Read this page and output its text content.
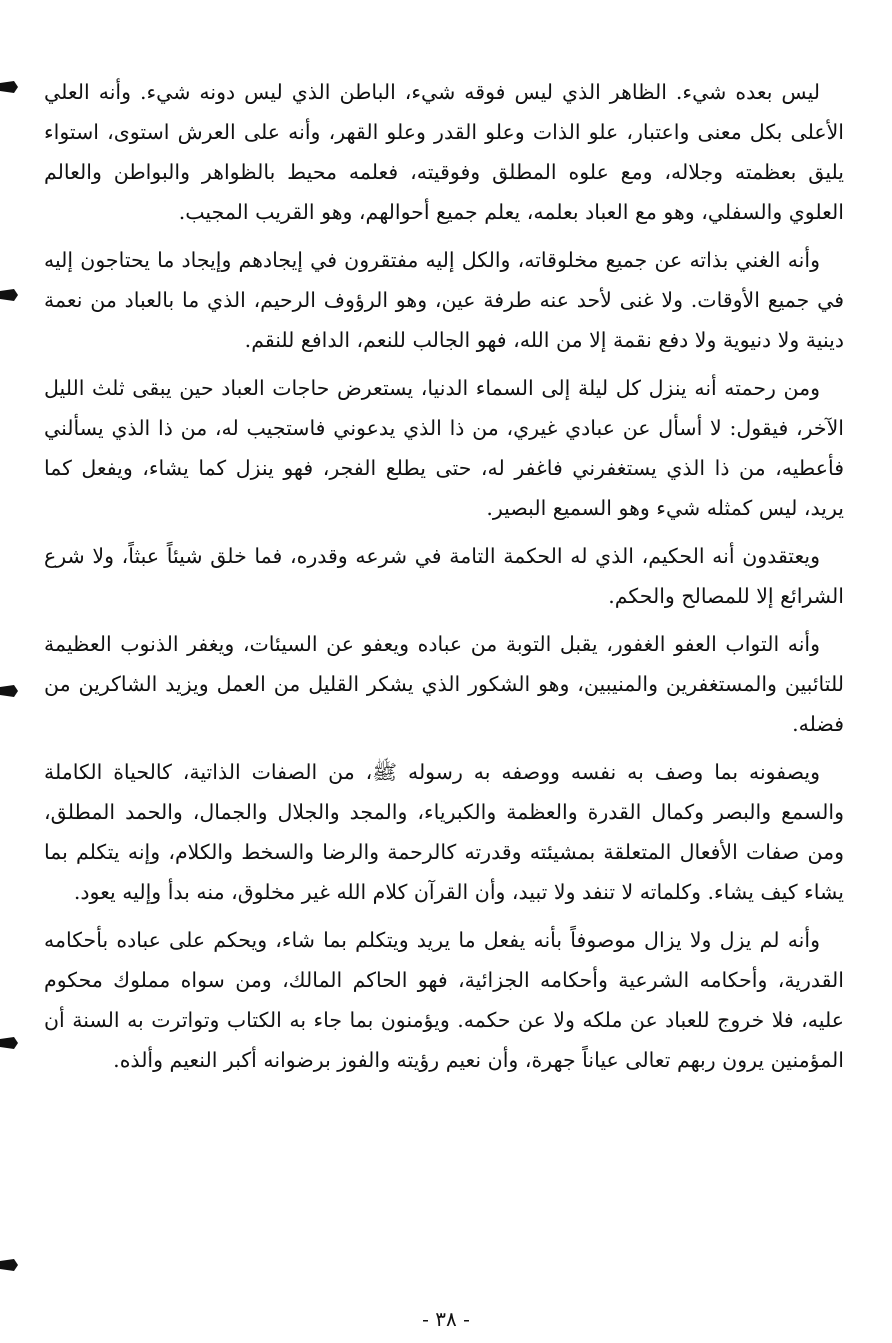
ليس بعده شيء. الظاهر الذي ليس فوقه شيء، الباطن الذي ليس دونه شيء. وأنه العلي الأعلى بكل معنى واعتبار، علو الذات وعلو القدر وعلو القهر، وأنه على العرش استوى، استواء يليق بعظمته وجلاله، ومع علوه المطلق وفوقيته، فعلمه محيط بالظواهر والبواطن والعالم العلوي والسفلي، وهو مع العباد بعلمه، يعلم جميع أحوالهم، وهو القريب المجيب.

وأنه الغني بذاته عن جميع مخلوقاته، والكل إليه مفتقرون في إيجادهم وإيجاد ما يحتاجون إليه في جميع الأوقات. ولا غنى لأحد عنه طرفة عين، وهو الرؤوف الرحيم، الذي ما بالعباد من نعمة دينية ولا دنيوية ولا دفع نقمة إلا من الله، فهو الجالب للنعم، الدافع للنقم.

ومن رحمته أنه ينزل كل ليلة إلى السماء الدنيا، يستعرض حاجات العباد حين يبقى ثلث الليل الآخر، فيقول: لا أسأل عن عبادي غيري، من ذا الذي يدعوني فاستجيب له، من ذا الذي يسألني فأعطيه، من ذا الذي يستغفرني فاغفر له، حتى يطلع الفجر، فهو ينزل كما يشاء، ويفعل كما يريد، ليس كمثله شيء وهو السميع البصير.

ويعتقدون أنه الحكيم، الذي له الحكمة التامة في شرعه وقدره، فما خلق شيئاً عبثاً، ولا شرع الشرائع إلا للمصالح والحكم.

وأنه التواب العفو الغفور، يقبل التوبة من عباده ويعفو عن السيئات، ويغفر الذنوب العظيمة للتائبين والمستغفرين والمنيبين، وهو الشكور الذي يشكر القليل من العمل ويزيد الشاكرين من فضله.

ويصفونه بما وصف به نفسه ووصفه به رسوله ﷺ، من الصفات الذاتية، كالحياة الكاملة والسمع والبصر وكمال القدرة والعظمة والكبرياء، والمجد والجلال والجمال، والحمد المطلق، ومن صفات الأفعال المتعلقة بمشيئته وقدرته كالرحمة والرضا والسخط والكلام، وإنه يتكلم بما يشاء كيف يشاء. وكلماته لا تنفد ولا تبيد، وأن القرآن كلام الله غير مخلوق، منه بدأ وإليه يعود.

وأنه لم يزل ولا يزال موصوفاً بأنه يفعل ما يريد ويتكلم بما شاء، ويحكم على عباده بأحكامه القدرية، وأحكامه الشرعية وأحكامه الجزائية، فهو الحاكم المالك، ومن سواه مملوك محكوم عليه، فلا خروج للعباد عن ملكه ولا عن حكمه. ويؤمنون بما جاء به الكتاب وتواترت به السنة أن المؤمنين يرون ربهم تعالى عياناً جهرة، وأن نعيم رؤيته والفوز برضوانه أكبر النعيم وألذه.

- ٣٨ -
